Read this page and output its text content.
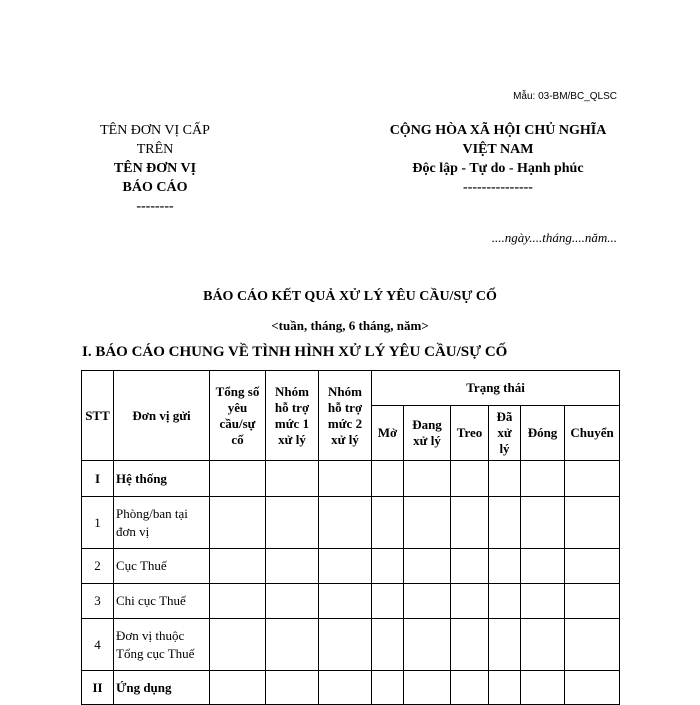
Mẫu: 03-BM/BC_QLSC
TÊN ĐƠN VỊ CẤP
TRÊN
TÊN ĐƠN VỊ
BÁO CÁO
--------
CỘNG HÒA XÃ HỘI CHỦ NGHĨA
VIỆT NAM
Độc lập - Tự do - Hạnh phúc
---------------
....ngày....tháng....năm...
BÁO CÁO KẾT QUẢ XỬ LÝ YÊU CẦU/SỰ CỐ
<tuần, tháng, 6 tháng, năm>
I. BÁO CÁO CHUNG VỀ TÌNH HÌNH XỬ LÝ YÊU CẦU/SỰ CỐ
STT	Đơn vị gửi	Tổng số yêu cầu/sự cố	Nhóm hỗ trợ mức 1 xử lý	Nhóm hỗ trợ mức 2 xử lý	Trạng thái					
					Mở	Đang xử lý	Treo	Đã xử lý	Đóng	Chuyển
I	Hệ thống									
1	Phòng/ban tại đơn vị									
2	Cục Thuế									
3	Chi cục Thuế									
4	Đơn vị thuộc Tổng cục Thuế									
II	Ứng dụng									
